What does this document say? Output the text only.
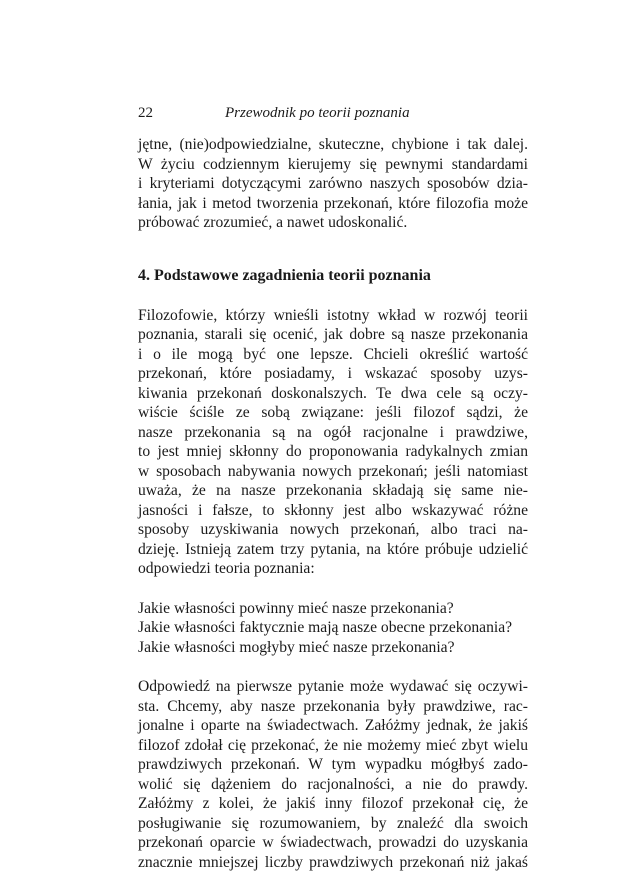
22	Przewodnik po teorii poznania

jętne, (nie)odpowiedzialne, skuteczne, chybione i tak dalej.
W życiu codziennym kierujemy się pewnymi standardami
i kryteriami dotyczącymi zarówno naszych sposobów dzia-
łania, jak i metod tworzenia przekonań, które filozofia może
próbować zrozumieć, a nawet udoskonalić.

4. Podstawowe zagadnienia teorii poznania

Filozofowie, którzy wnieśli istotny wkład w rozwój teorii
poznania, starali się ocenić, jak dobre są nasze przekonania
i o ile mogą być one lepsze. Chcieli określić wartość
przekonań, które posiadamy, i wskazać sposoby uzys-
kiwania przekonań doskonalszych. Te dwa cele są oczy-
wiście ściśle ze sobą związane: jeśli filozof sądzi, że
nasze przekonania są na ogół racjonalne i prawdziwe,
to jest mniej skłonny do proponowania radykalnych zmian
w sposobach nabywania nowych przekonań; jeśli natomiast
uważa, że na nasze przekonania składają się same nie-
jasności i fałsze, to skłonny jest albo wskazywać różne
sposoby uzyskiwania nowych przekonań, albo traci na-
dzieję. Istnieją zatem trzy pytania, na które próbuje udzielić
odpowiedzi teoria poznania:

Jakie własności powinny mieć nasze przekonania?
Jakie własności faktycznie mają nasze obecne przekonania?
Jakie własności mogłyby mieć nasze przekonania?

Odpowiedź na pierwsze pytanie może wydawać się oczywi-
sta. Chcemy, aby nasze przekonania były prawdziwe, rac-
jonalne i oparte na świadectwach. Załóżmy jednak, że jakiś
filozof zdołał cię przekonać, że nie możemy mieć zbyt wielu
prawdziwych przekonań. W tym wypadku mógłbyś zado-
wolić się dążeniem do racjonalności, a nie do prawdy.
Załóżmy z kolei, że jakiś inny filozof przekonał cię, że
posługiwanie się rozumowaniem, by znaleźć dla swoich
przekonań oparcie w świadectwach, prowadzi do uzyskania
znacznie mniejszej liczby prawdziwych przekonań niż jakaś
